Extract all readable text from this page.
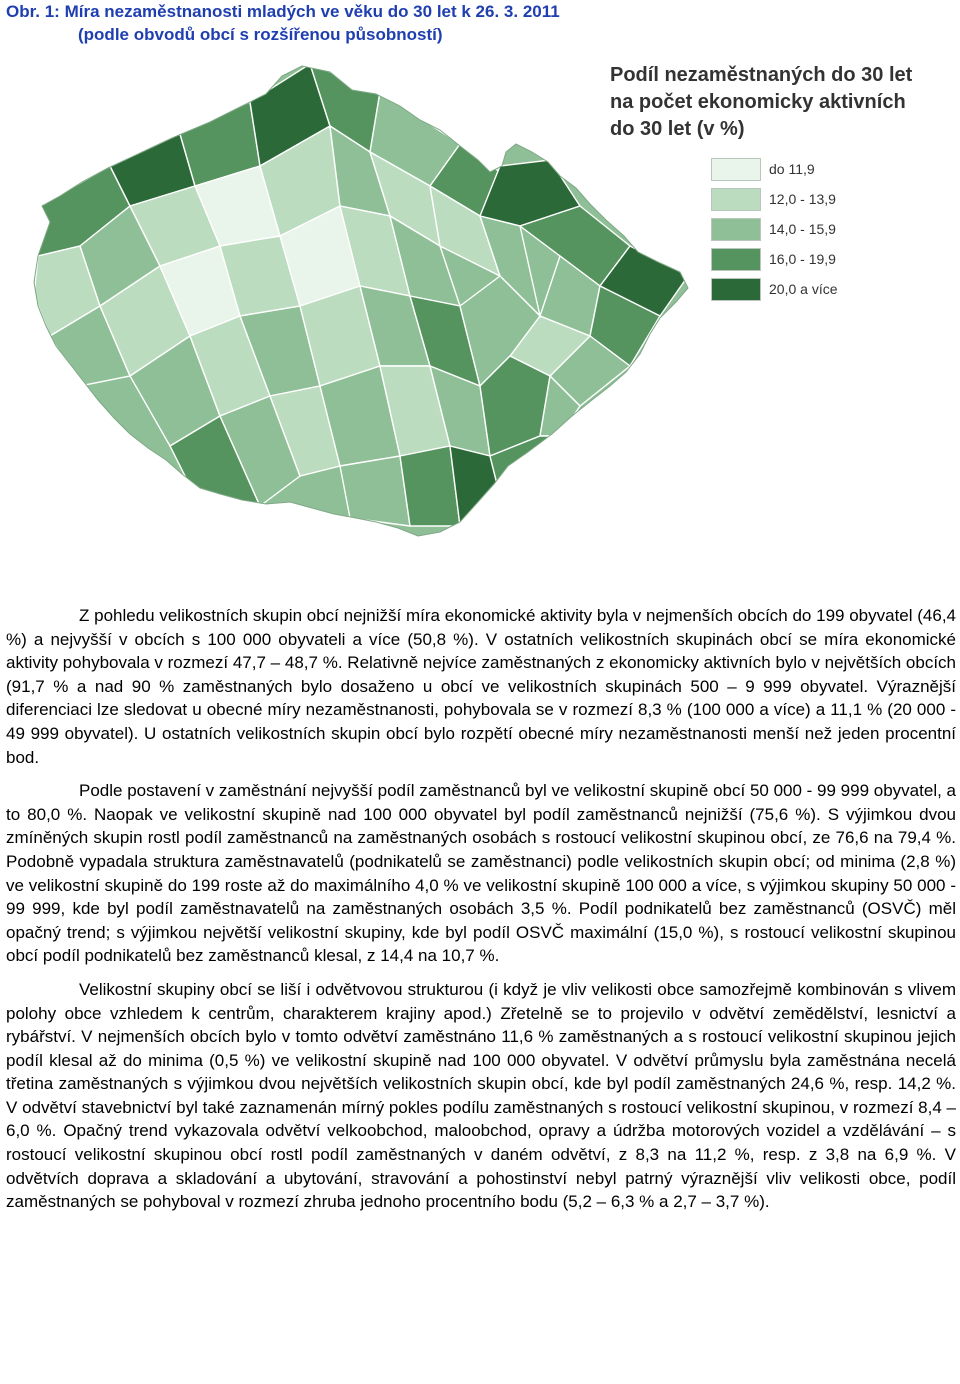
Obr. 1: Míra nezaměstnanosti mladých ve věku do 30 let k 26. 3. 2011
(podle obvodů obcí s rozšířenou působností)
Podíl nezaměstnaných do 30 let
na počet ekonomicky aktivních
do 30 let (v %)
do 11,9
12,0 - 13,9
14,0 - 15,9
16,0 - 19,9
20,0 a více

Z pohledu velikostních skupin obcí nejnižší míra ekonomické aktivity byla v nejmenších obcích do 199 obyvatel (46,4 %) a nejvyšší v obcích s 100 000 obyvateli a více (50,8 %). V ostatních velikostních skupinách obcí se míra ekonomické aktivity pohybovala v rozmezí 47,7 – 48,7 %. Relativně nejvíce zaměstnaných z ekonomicky aktivních bylo v největších obcích (91,7 % a nad 90 % zaměstnaných bylo dosaženo u obcí ve velikostních skupinách 500 – 9 999 obyvatel. Výraznější diferenciaci lze sledovat u obecné míry nezaměstnanosti, pohybovala se v rozmezí 8,3 % (100 000 a více) a 11,1 % (20 000 - 49 999 obyvatel). U ostatních velikostních skupin obcí bylo rozpětí obecné míry nezaměstnanosti menší než jeden procentní bod.

Podle postavení v zaměstnání nejvyšší podíl zaměstnanců byl ve velikostní skupině obcí 50 000 - 99 999 obyvatel, a to 80,0 %. Naopak ve velikostní skupině nad 100 000 obyvatel byl podíl zaměstnanců nejnižší (75,6 %). S výjimkou dvou zmíněných skupin rostl podíl zaměstnanců na zaměstnaných osobách s rostoucí velikostní skupinou obcí, ze 76,6 na 79,4 %. Podobně vypadala struktura zaměstnavatelů (podnikatelů se zaměstnanci) podle velikostních skupin obcí; od minima (2,8 %) ve velikostní skupině do 199 roste až do maximálního 4,0 % ve velikostní skupině 100 000 a více, s výjimkou skupiny 50 000 - 99 999, kde byl podíl zaměstnavatelů na zaměstnaných osobách 3,5 %. Podíl podnikatelů bez zaměstnanců (OSVČ) měl opačný trend; s výjimkou největší velikostní skupiny, kde byl podíl OSVČ maximální (15,0 %), s rostoucí velikostní skupinou obcí podíl podnikatelů bez zaměstnanců klesal, z 14,4 na 10,7 %.

Velikostní skupiny obcí se liší i odvětvovou strukturou (i když je vliv velikosti obce samozřejmě kombinován s vlivem polohy obce vzhledem k centrům, charakterem krajiny apod.) Zřetelně se to projevilo v odvětví zemědělství, lesnictví a rybářství. V nejmenších obcích bylo v tomto odvětví zaměstnáno 11,6 % zaměstnaných a s rostoucí velikostní skupinou jejich podíl klesal až do minima (0,5 %) ve velikostní skupině nad 100 000 obyvatel. V odvětví průmyslu byla zaměstnána necelá třetina zaměstnaných s výjimkou dvou největších velikostních skupin obcí, kde byl podíl zaměstnaných 24,6 %, resp. 14,2 %. V odvětví stavebnictví byl také zaznamenán mírný pokles podílu zaměstnaných s rostoucí velikostní skupinou, v rozmezí 8,4 – 6,0 %. Opačný trend vykazovala odvětví velkoobchod, maloobchod, opravy a údržba motorových vozidel a vzdělávání – s rostoucí velikostní skupinou obcí rostl podíl zaměstnaných v daném odvětví, z 8,3 na 11,2 %, resp. z 3,8 na 6,9 %. V odvětvích doprava a skladování a ubytování, stravování a pohostinství nebyl patrný výraznější vliv velikosti obce, podíl zaměstnaných se pohyboval v rozmezí zhruba jednoho procentního bodu (5,2 – 6,3 % a 2,7 – 3,7 %).
